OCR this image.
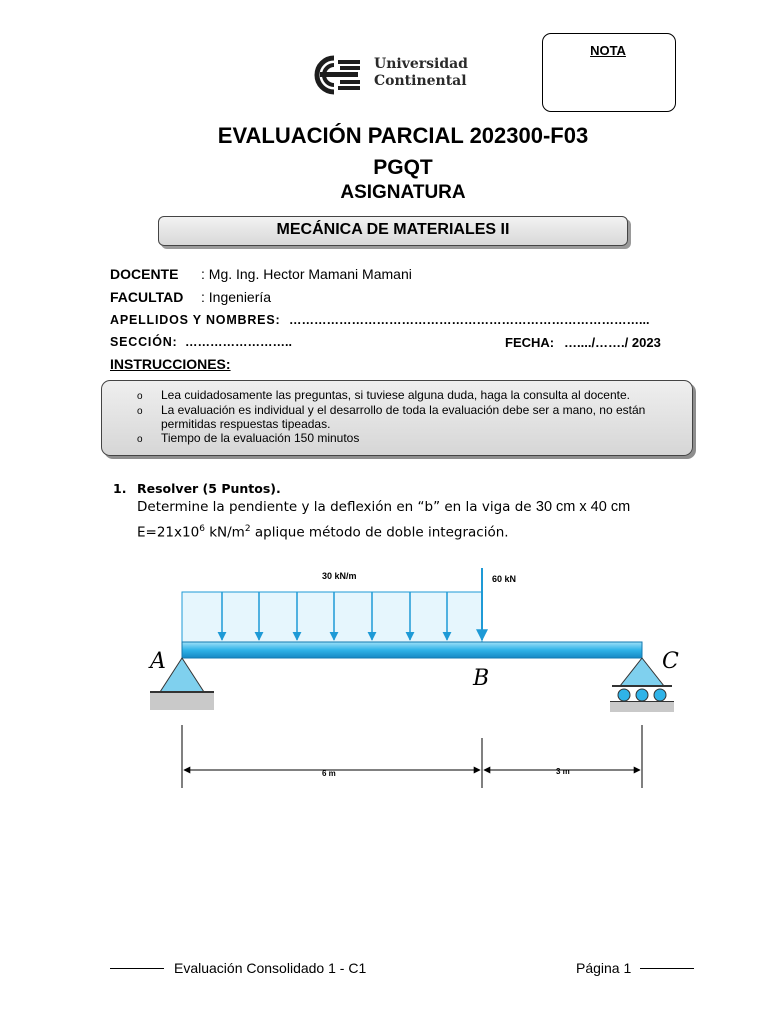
Universidad
Continental
NOTA
EVALUACIÓN PARCIAL 202300-F03
PGQT
ASIGNATURA
MECÁNICA DE MATERIALES II
DOCENTE : Mg. Ing. Hector Mamani Mamani
FACULTAD : Ingeniería
APELLIDOS Y NOMBRES: …………………………………………………………………………...
SECCIÓN: ……………………..	FECHA: …..../……./ 2023
INSTRUCCIONES:
o Lea cuidadosamente las preguntas, si tuviese alguna duda, haga la consulta al docente.
o La evaluación es individual y el desarrollo de toda la evaluación debe ser a mano, no están
permitidas respuestas tipeadas.
o Tiempo de la evaluación 150 minutos
1. Resolver (5 Puntos).
Determine la pendiente y la deflexión en “b” en la viga de 30 cm x 40 cm
$E=21x10^6$ $kN/m^2$ aplique método de doble integración.
30 kN/m	60 kN
A
B
C
6 m	3 m
Evaluación Consolidado 1 - C1	Página 1
